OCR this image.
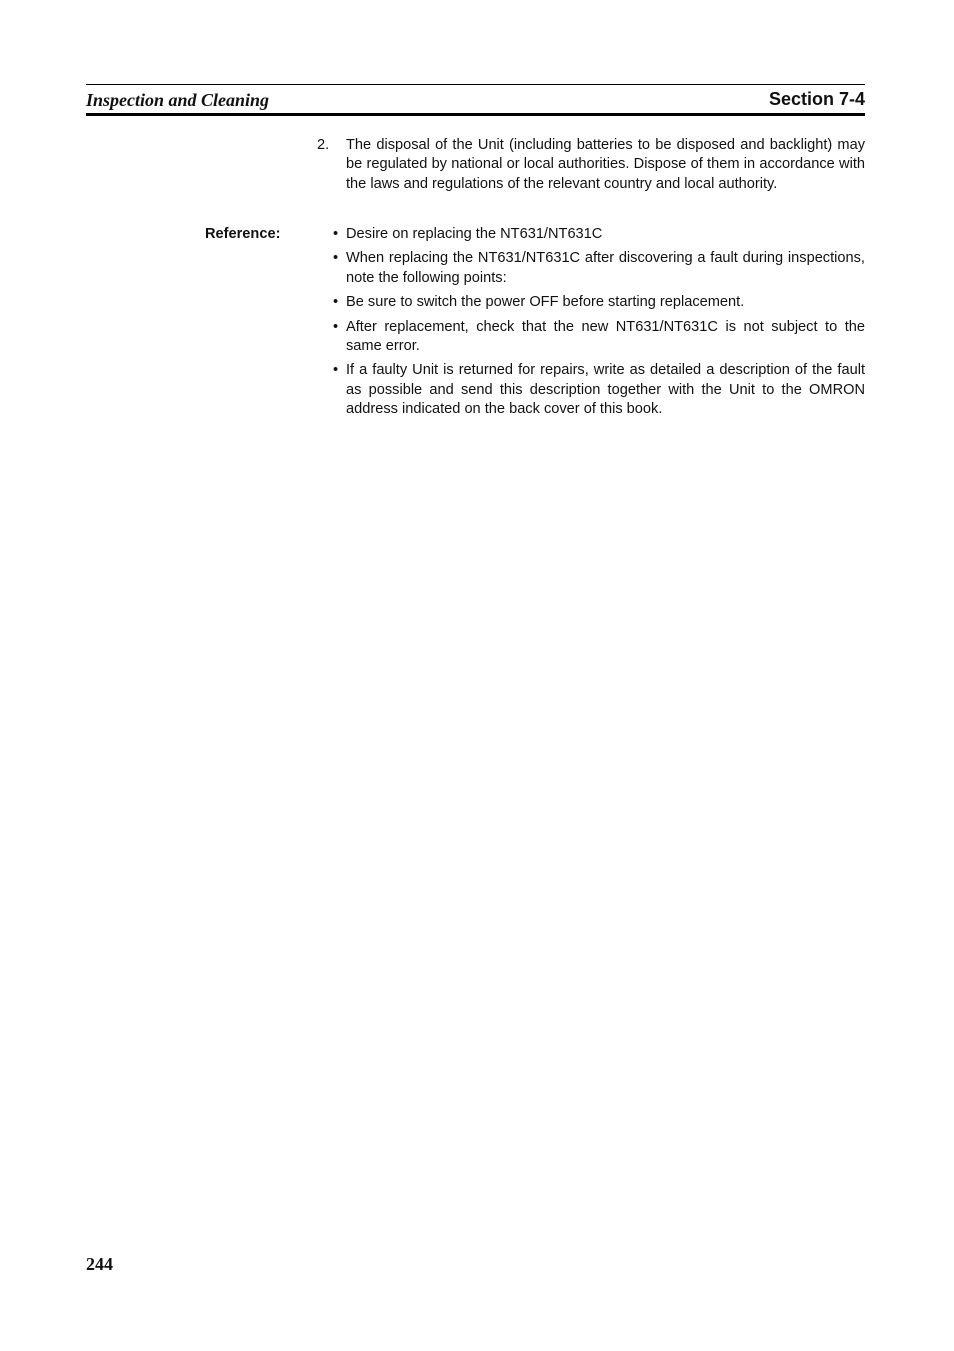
Inspection and Cleaning	Section 7-4
2. The disposal of the Unit (including batteries to be disposed and backlight) may be regulated by national or local authorities. Dispose of them in accordance with the laws and regulations of the relevant country and local authority.
Reference:	• Desire on replacing the NT631/NT631C
• When replacing the NT631/NT631C after discovering a fault during inspections, note the following points:
• Be sure to switch the power OFF before starting replacement.
• After replacement, check that the new NT631/NT631C is not subject to the same error.
• If a faulty Unit is returned for repairs, write as detailed a description of the fault as possible and send this description together with the Unit to the OMRON address indicated on the back cover of this book.
244
